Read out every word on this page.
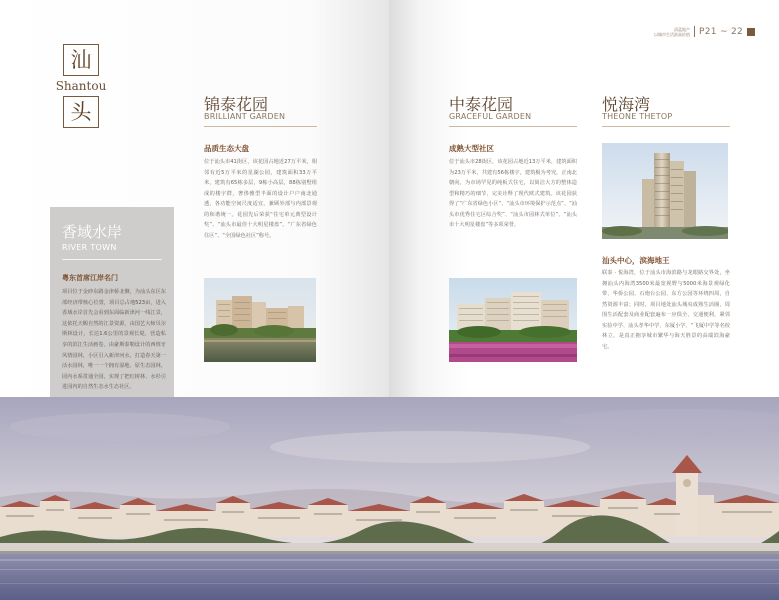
清蓝地产
以城市生活最高价值 P21 ~ 22
汕
Shantou
头	锦泰花园
BRILLIANT GARDEN
品质生态大盘
位于汕头市41街区，该花园占地近27万平米，相邻有近5万平米的星湖公园，建筑面积33万平米，建筑有65栋多层，9栋小高层，88栋别墅组成的楼宇群，奢侈雅型半面的设计户户南北通透，各功能空间尺度适宜，兼顾外部与内部景观的和谐统一。花园先后荣获“住宅单元典型设计奖”、“汕头市最佳十大明星楼盘”、“广东省绿色住区”、“全国绿色社区”称号。
香域水岸
RIVER TOWN
粤东首席江岸名门
项目位于金砂东路金津桥北侧，为汕头东区东部经济带核心位置，项目总占地523亩，进入香域水岸首先会看到东面临新津河一线江景，这依托天赐自然的江景资源，由国艺大师贝尔斯林设计，长达1.6公里的景观长堤，营造私享的滨江生活画卷。由豪斯泰勒设计的西班牙风情园林，小区引入新津河水，打造春天第一活水园林，唯一一个拥有湿地、原生态园林，园内水系贯通全园，实现了把红树林、水杉引进园内的自然生态水生态社区。
中泰花园
GRACEFUL GARDEN
成熟大型社区
位于汕头市28街区，该花园占地近13万平米，建筑面积为23万平米，共建有56栋楼宇，建筑极为考究，正南北朝向，为市场罕见的纯板式住宅，以简洁大方的整体造型和精巧的细节，完美诠释了现代欧式建筑。该花园获得了“广东省绿色小区”、“汕头市环境保护示范点”、“汕头市优秀住宅区综合奖”、“汕头市园林式单位”、“汕头市十大明星楼盘”等多项荣誉。
悦海湾
THEONE THETOP
汕头中心，滨海地王
联泰 · 悦海湾，位于汕头市海滨路与龙眼路交界处，坐拥汕头内海湾3500米最宽视野与5000米海景观绿化带、华侨公园、石炮台公园、东方公园等环绕四周，自然资源丰富；同时，项目地处汕头城央成熟生活圈，周围生活配套及商业配套遍布一应俱全，交通便利，紧邻实验中学、汕头孝华中学、东厦小学、“飞厦中学等名校林立，是真正拥享城市繁华与海天胜景的高端滨海豪宅。
